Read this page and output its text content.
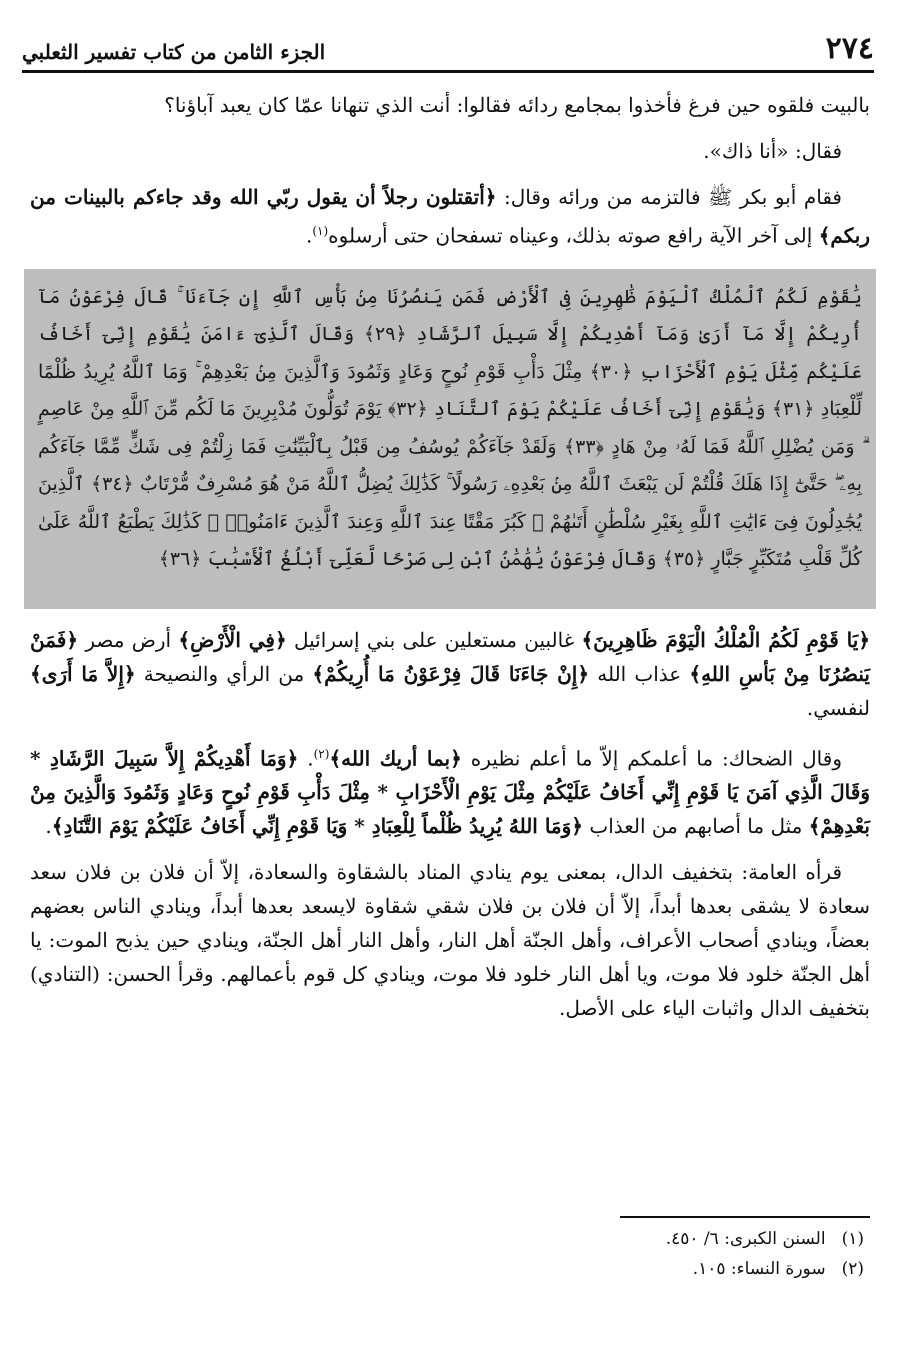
٢٧٤
الجزء الثامن من كتاب تفسير الثعلبي

بالبيت فلقوه حين فرغ فأخذوا بمجامع ردائه فقالوا: أنت الذي تنهانا عمّا كان يعبد آباؤنا؟

فقال: «أنا ذاك».

فقام أبو بكر ﷺ فالتزمه من ورائه وقال: ﴿أتقتلون رجلاً أن يقول ربّي الله وقد جاءكم بالبينات من ربكم﴾ إلى آخر الآية رافع صوته بذلك، وعيناه تسفحان حتى أرسلوه$^{(١)}$.

يَٰقَوْمِ لَكُمُ ٱلْمُلْكُ ٱلْيَوْمَ ظَٰهِرِينَ فِى ٱلْأَرْضِ فَمَن يَنصُرُنَا مِنۢ بَأْسِ ٱللَّهِ إِن جَآءَنَا ۚ قَالَ فِرْعَوْنُ مَآ أُرِيكُمْ إِلَّا مَآ أَرَىٰ وَمَآ أَهْدِيكُمْ إِلَّا سَبِيلَ ٱلرَّشَادِ ﴿٢٩﴾ وَقَالَ ٱلَّذِىٓ ءَامَنَ يَٰقَوْمِ إِنِّىٓ أَخَافُ عَلَيْكُم مِّثْلَ يَوْمِ ٱلْأَحْزَابِ ﴿٣٠﴾ مِثْلَ دَأْبِ قَوْمِ نُوحٍ وَعَادٍ وَثَمُودَ وَٱلَّذِينَ مِنۢ بَعْدِهِمْ ۚ وَمَا ٱللَّهُ يُرِيدُ ظُلْمًا لِّلْعِبَادِ ﴿٣١﴾ وَيَٰقَوْمِ إِنِّىٓ أَخَافُ عَلَيْكُمْ يَوْمَ ٱلتَّنَادِ ﴿٣٢﴾ يَوْمَ تُوَلُّونَ مُدْبِرِينَ مَا لَكُم مِّنَ ٱللَّهِ مِنْ عَاصِمٍ ۗ وَمَن يُضْلِلِ ٱللَّهُ فَمَا لَهُۥ مِنْ هَادٍ ﴿٣٣﴾ وَلَقَدْ جَآءَكُمْ يُوسُفُ مِن قَبْلُ بِٱلْبَيِّنَٰتِ فَمَا زِلْتُمْ فِى شَكٍّ مِّمَّا جَآءَكُم بِهِۦ ۖ حَتَّىٰٓ إِذَا هَلَكَ قُلْتُمْ لَن يَبْعَثَ ٱللَّهُ مِنۢ بَعْدِهِۦ رَسُولًا ۚ كَذَٰلِكَ يُضِلُّ ٱللَّهُ مَنْ هُوَ مُسْرِفٌ مُّرْتَابٌ ﴿٣٤﴾ ٱلَّذِينَ يُجَٰدِلُونَ فِىٓ ءَايَٰتِ ٱللَّهِ بِغَيْرِ سُلْطَٰنٍ أَتَىٰهُمْ ۖ كَبُرَ مَقْتًا عِندَ ٱللَّهِ وَعِندَ ٱلَّذِينَ ءَامَنُوا۟ ۚ كَذَٰلِكَ يَطْبَعُ ٱللَّهُ عَلَىٰ كُلِّ قَلْبِ مُتَكَبِّرٍ جَبَّارٍ ﴿٣٥﴾ وَقَالَ فِرْعَوْنُ يَٰهَٰمَٰنُ ٱبْنِ لِى صَرْحًا لَّعَلِّىٓ أَبْلُغُ ٱلْأَسْبَٰبَ ﴿٣٦﴾

﴿يَا قَوْمِ لَكُمُ الْمُلْكُ الْيَوْمَ ظَاهِرِينَ﴾ غالبين مستعلين على بني إسرائيل ﴿فِي الْأَرْضِ﴾ أرض مصر ﴿فَمَنْ يَنصُرُنَا مِنْ بَأسِ اللهِ﴾ عذاب الله ﴿إِنْ جَاءَنَا قَالَ فِرْعَوْنُ مَا أُرِيكُمْ﴾ من الرأي والنصيحة ﴿إِلاَّ مَا أَرَى﴾ لنفسي.

وقال الضحاك: ما أعلمكم إلاّ ما أعلم نظيره ﴿بما أريك الله﴾$^{(٢)}$. ﴿وَمَا أَهْدِيكُمْ إِلاَّ سَبِيلَ الرَّشَادِ * وَقَالَ الَّذِي آمَنَ يَا قَوْمِ إِنِّي أَخَافُ عَلَيْكُمْ مِثْلَ يَوْمِ الْأَحْزَابِ * مِثْلَ دَأْبِ قَوْمِ نُوحٍ وَعَادٍ وَثَمُودَ وَالَّذِينَ مِنْ بَعْدِهِمْ﴾ مثل ما أصابهم من العذاب ﴿وَمَا اللهُ يُرِيدُ ظُلْماً لِلْعِبَادِ * وَيَا قَوْمِ إِنِّي أَخَافُ عَلَيْكُمْ يَوْمَ التَّنَادِ﴾.

قرأه العامة: بتخفيف الدال، بمعنى يوم ينادي المناد بالشقاوة والسعادة، إلاّ أن فلان بن فلان سعد سعادة لا يشقى بعدها أبداً، إلاّ أن فلان بن فلان شقي شقاوة لايسعد بعدها أبداً، وينادي الناس بعضهم بعضاً، وينادي أصحاب الأعراف، وأهل الجنّة أهل النار، وأهل النار أهل الجنّة، وينادي حين يذبح الموت: يا أهل الجنّة خلود فلا موت، ويا أهل النار خلود فلا موت، وينادي كل قوم بأعمالهم. وقرأ الحسن: (التنادي) بتخفيف الدال واثبات الياء على الأصل.

(١)
السنن الكبرى: ٦/ ٤٥٠.
(٢)
سورة النساء: ١٠٥.
